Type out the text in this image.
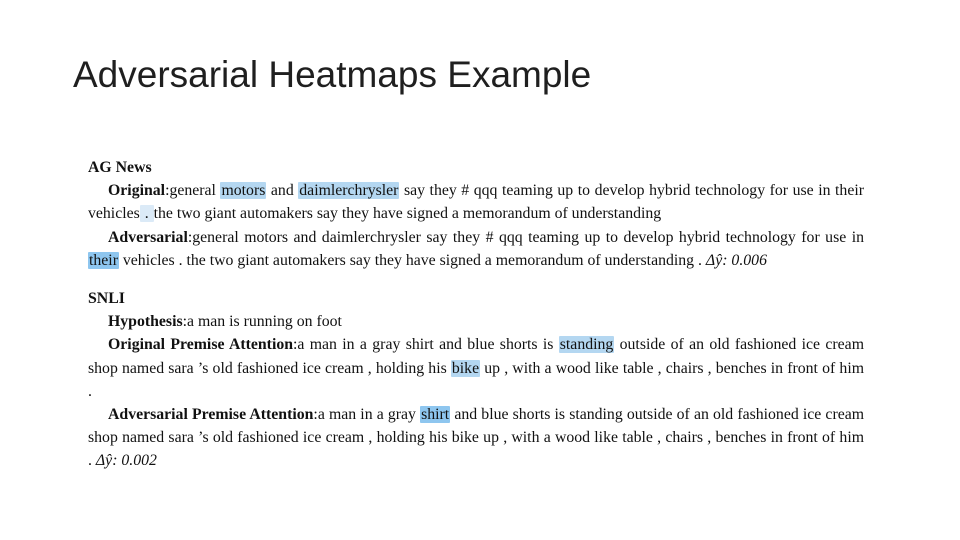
Adversarial Heatmaps Example

AG News

Original:general motors and daimlerchrysler say they # qqq teaming up to develop hybrid technology for use in their vehicles . the two giant automakers say they have signed a memorandum of understanding

Adversarial:general motors and daimlerchrysler say they # qqq teaming up to develop hybrid technology for use in their vehicles . the two giant automakers say they have signed a memorandum of understanding . Δŷ: 0.006

SNLI

Hypothesis:a man is running on foot

Original Premise Attention:a man in a gray shirt and blue shorts is standing outside of an old fashioned ice cream shop named sara ’s old fashioned ice cream , holding his bike up , with a wood like table , chairs , benches in front of him .

Adversarial Premise Attention:a man in a gray shirt and blue shorts is standing outside of an old fashioned ice cream shop named sara ’s old fashioned ice cream , holding his bike up , with a wood like table , chairs , benches in front of him . Δŷ: 0.002
